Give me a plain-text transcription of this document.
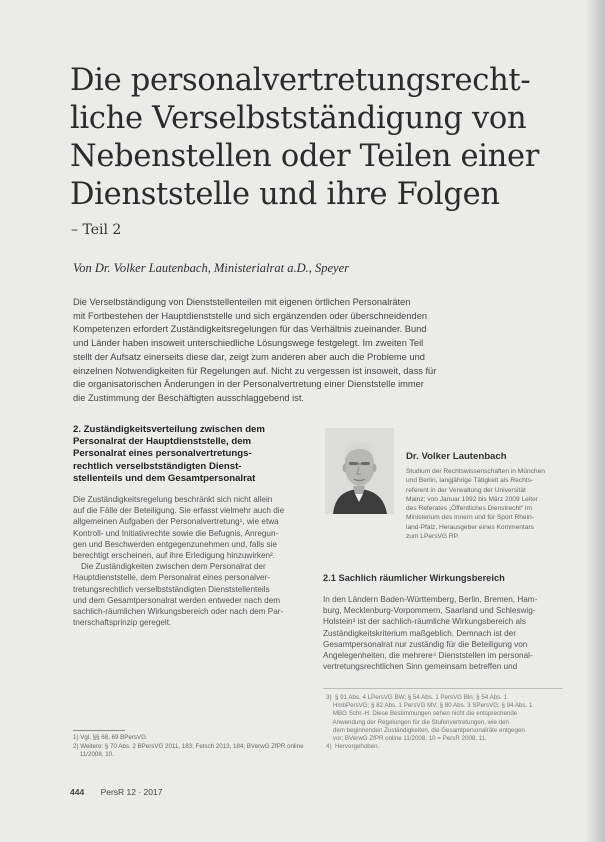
Die personalvertretungsrecht-
liche Verselbstständigung von
Nebenstellen oder Teilen einer
Dienststelle und ihre Folgen
– Teil 2
Von Dr. Volker Lautenbach, Ministerialrat a.D., Speyer
Die Verselbständigung von Dienststellenteilen mit eigenen örtlichen Personalräten
mit Fortbestehen der Hauptdienststelle und sich ergänzenden oder überschneidenden
Kompetenzen erfordert Zuständigkeitsregelungen für das Verhältnis zueinander. Bund
und Länder haben insoweit unterschiedliche Lösungswege festgelegt. Im zweiten Teil
stellt der Aufsatz einerseits diese dar, zeigt zum anderen aber auch die Probleme und
einzelnen Notwendigkeiten für Regelungen auf. Nicht zu vergessen ist insoweit, dass für
die organisatorischen Änderungen in der Personalvertretung einer Dienststelle immer
die Zustimmung der Beschäftigten ausschlaggebend ist.
2. Zuständigkeitsverteilung zwischen dem
Personalrat der Hauptdienststelle, dem
Personalrat eines personalvertretungs-
rechtlich verselbstständigten Dienst-
stellenteils und dem Gesamtpersonalrat
Die Zuständigkeitsregelung beschränkt sich nicht allein
auf die Fälle der Beteiligung. Sie erfasst vielmehr auch die
allgemeinen Aufgaben der Personalvertretung¹, wie etwa
Kontroll- und Initiativrechte sowie die Befugnis, Anregun-
gen und Beschwerden entgegenzunehmen und, falls sie
berechtigt erscheinen, auf ihre Erledigung hinzuwirken².
Die Zuständigkeiten zwischen dem Personalrat der
Hauptdienststelle, dem Personalrat eines personalver-
tretungsrechtlich verselbstständigten Dienststellenteils
und dem Gesamtpersonalrat werden entweder nach dem
sachlich-räumlichen Wirkungsbereich oder nach dem Par-
tnerschaftsprinzip geregelt.
1) Vgl. §§ 68, 69 BPersVG.
2) Weitere: § 70 Abs. 2 BPersVG 2011, 183; Fetsch 2013, 184; BVerwG ZfPR online
11/2008, 10.
Dr. Volker Lautenbach
Studium der Rechtswissenschaften in München
und Berlin, langjährige Tätigkeit als Rechts-
referent in der Verwaltung der Universität
Mainz; von Januar 1992 bis März 2009 Leiter
des Referates „Öffentliches Dienstrecht“ im
Ministerium des Innern und für Sport Rhein-
land-Pfalz, Herausgeber eines Kommentars
zum LPersVG RP.
2.1 Sachlich räumlicher Wirkungsbereich
In den Ländern Baden-Württemberg, Berlin, Bremen, Ham-
burg, Mecklenburg-Vorpommern, Saarland und Schleswig-
Holstein³ ist der sachlich-räumliche Wirkungsbereich als
Zuständigkeitskriterium maßgeblich. Demnach ist der
Gesamtpersonalrat nur zuständig für die Beteiligung von
Angelegenheiten, die mehrere⁴ Dienststellen im personal-
vertretungsrechtlichen Sinn gemeinsam betreffen und
3)  § 91 Abs. 4 LPersVG BW; § 54 Abs. 1 PersVG Bln; § 54 Abs. 1
HmbPersVG; § 82 Abs. 1 PersVG MV; § 80 Abs. 3 SPersVG; § 94 Abs. 1
MBG Schl.-H. Diese Bestimmungen sehen nicht die entsprechende
Anwendung der Regelungen für die Stufenvertretungen, wie den
dem beginnenden Zuständigkeiten, die Gesamtpersonalräte entgegen
vor; BVerwG ZfPR online 11/2008, 10 = PersR 2008, 11.
4)  Hervorgehoben.
444 PersR 12 · 2017
